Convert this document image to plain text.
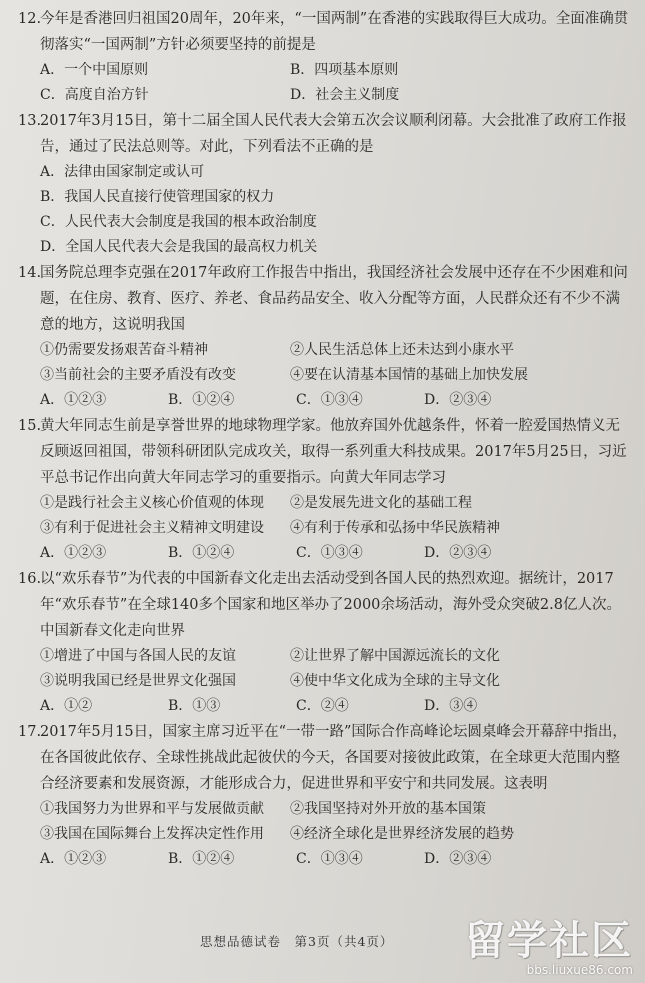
12.今年是香港回归祖国20周年，20年来，“一国两制”在香港的实践取得巨大成功。全面准确贯彻落实“一国两制”方针必须要坚持的前提是

A．一个中国原则	B．四项基本原则
C．高度自治方针	D．社会主义制度

13.2017年3月15日，第十二届全国人民代表大会第五次会议顺利闭幕。大会批准了政府工作报告，通过了民法总则等。对此，下列看法不正确的是

A．法律由国家制定或认可
B．我国人民直接行使管理国家的权力
C．人民代表大会制度是我国的根本政治制度
D．全国人民代表大会是我国的最高权力机关

14.国务院总理李克强在2017年政府工作报告中指出，我国经济社会发展中还存在不少困难和问题，在住房、教育、医疗、养老、食品药品安全、收入分配等方面，人民群众还有不少不满意的地方，这说明我国

①仍需要发扬艰苦奋斗精神	②人民生活总体上还未达到小康水平
③当前社会的主要矛盾没有改变	④要在认清基本国情的基础上加快发展
A．①②③	B．①②④	C．①③④	D．②③④

15.黄大年同志生前是享誉世界的地球物理学家。他放弃国外优越条件，怀着一腔爱国热情义无反顾返回祖国，带领科研团队完成攻关，取得一系列重大科技成果。2017年5月25日，习近平总书记作出向黄大年同志学习的重要指示。向黄大年同志学习

①是践行社会主义核心价值观的体现	②是发展先进文化的基础工程
③有利于促进社会主义精神文明建设	④有利于传承和弘扬中华民族精神
A．①②③	B．①②④	C．①③④	D．②③④

16.以“欢乐春节”为代表的中国新春文化走出去活动受到各国人民的热烈欢迎。据统计，2017年“欢乐春节”在全球140多个国家和地区举办了2000余场活动，海外受众突破2.8亿人次。中国新春文化走向世界

①增进了中国与各国人民的友谊	②让世界了解中国源远流长的文化
③说明我国已经是世界文化强国	④使中华文化成为全球的主导文化
A．①②	B．①③	C．②④	D．③④

17.2017年5月15日，国家主席习近平在“一带一路”国际合作高峰论坛圆桌峰会开幕辞中指出，在各国彼此依存、全球性挑战此起彼伏的今天，各国要对接彼此政策，在全球更大范围内整合经济要素和发展资源，才能形成合力，促进世界和平安宁和共同发展。这表明

①我国努力为世界和平与发展做贡献	②我国坚持对外开放的基本国策
③我国在国际舞台上发挥决定性作用	④经济全球化是世界经济发展的趋势
A．①②③	B．①②④	C．①③④	D．②③④
思想品德试卷　第3页（共4页） 留学社区
bbs.liuxue86.com
